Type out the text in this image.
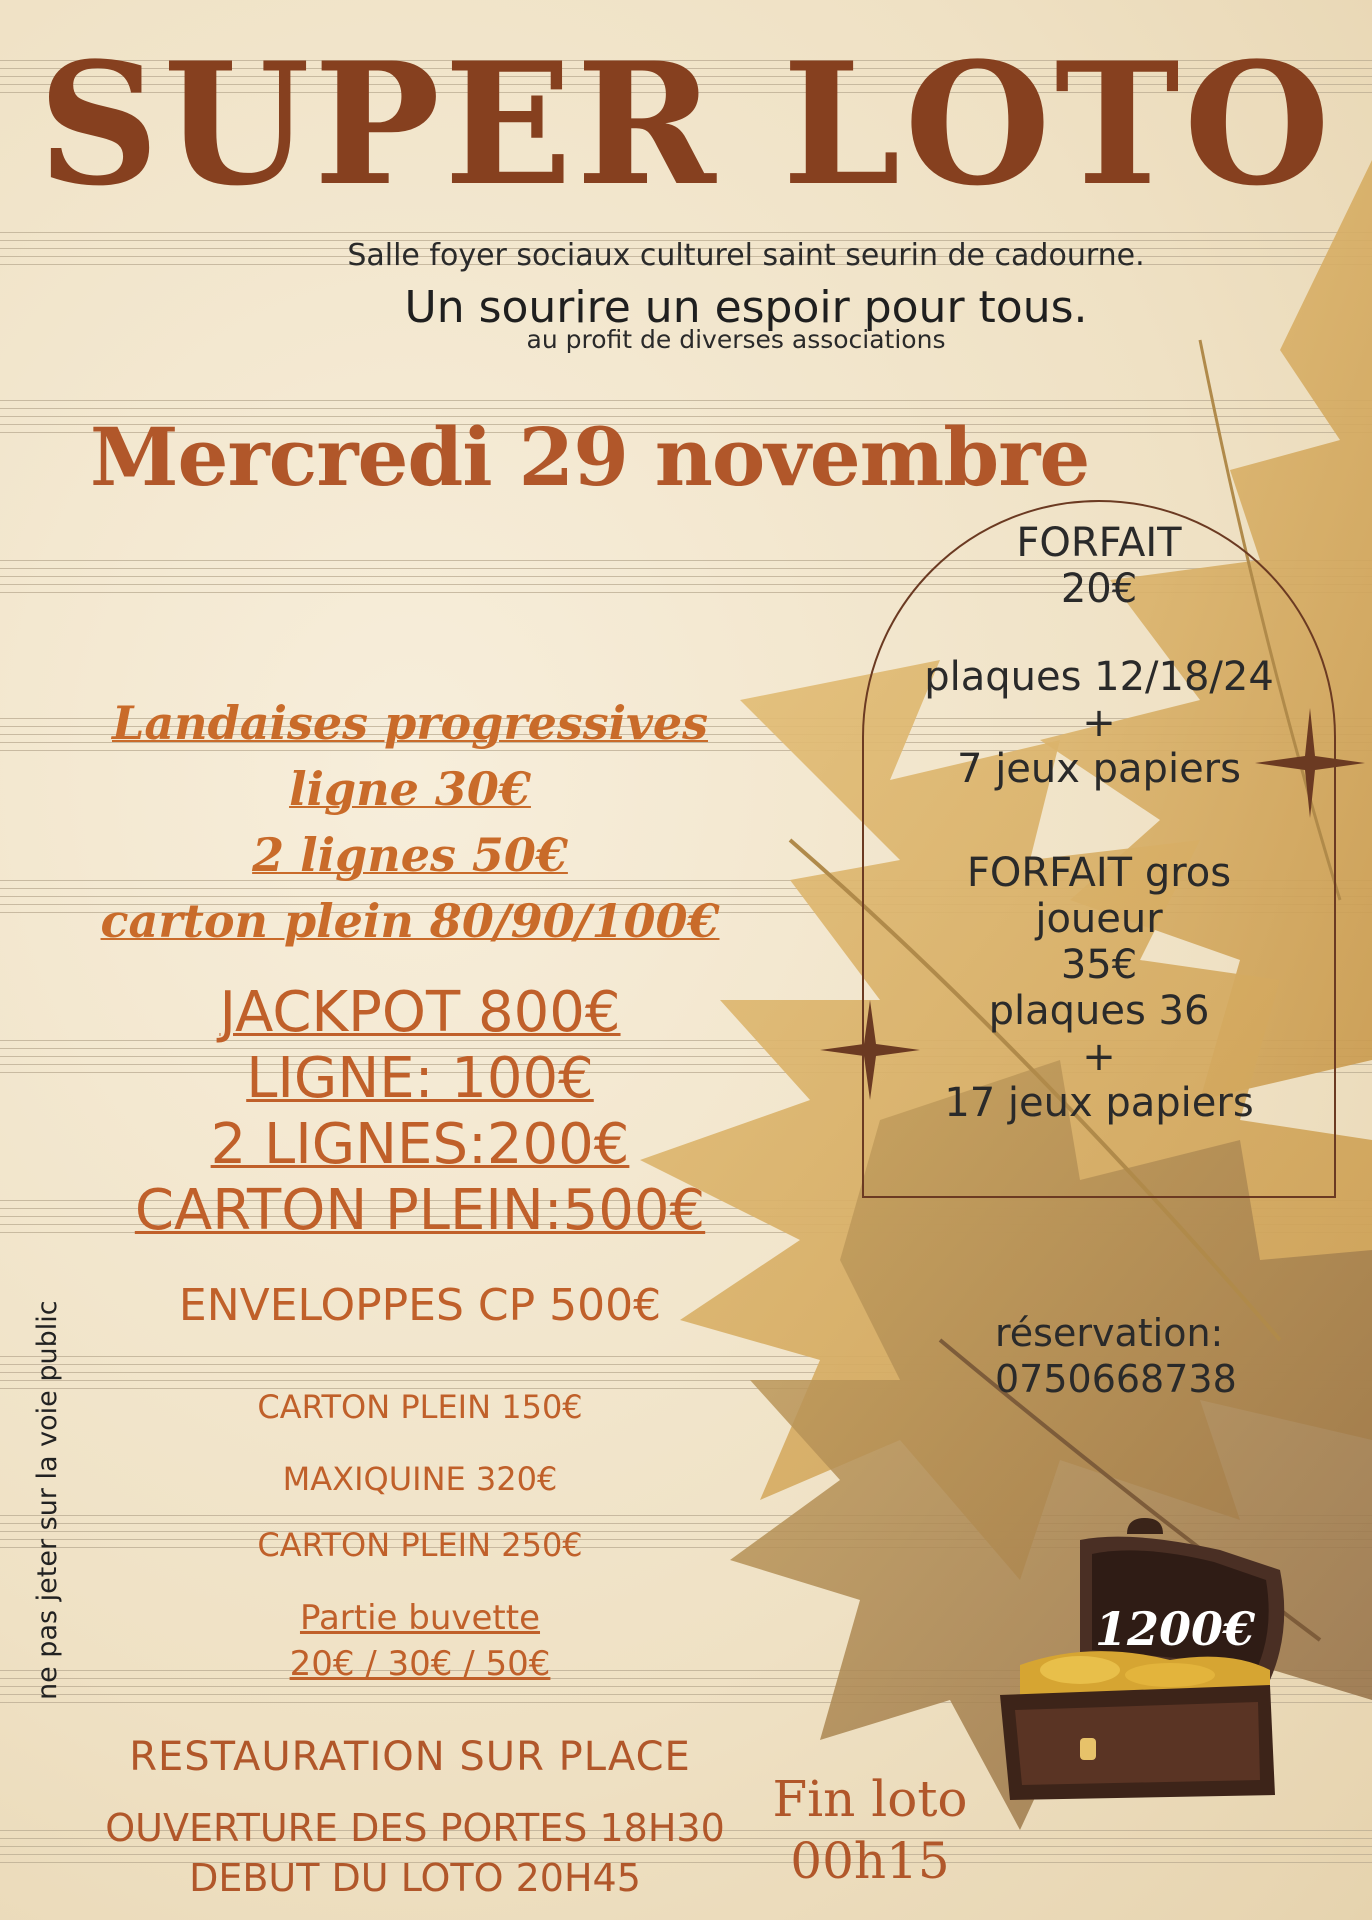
SUPER LOTO
Salle foyer sociaux culturel saint seurin de cadourne.
Un sourire un espoir pour tous.
au profit de diverses associations
Mercredi 29 novembre
Landaises progressives
ligne 30€
2 lignes 50€
carton plein 80/90/100€
JACKPOT 800€
LIGNE: 100€
2 LIGNES:200€
CARTON PLEIN:500€
ENVELOPPES CP 500€
CARTON PLEIN 150€
MAXIQUINE 320€
CARTON PLEIN 250€
Partie buvette
20€ / 30€ / 50€
RESTAURATION SUR PLACE
OUVERTURE DES PORTES 18H30
DEBUT DU LOTO 20H45
Fin loto
00h15
ne pas jeter sur la voie public
FORFAIT
20€
plaques 12/18/24
+
7 jeux papiers
FORFAIT gros
joueur
35€
plaques 36
+
17 jeux papiers
réservation:
0750668738
1200€
